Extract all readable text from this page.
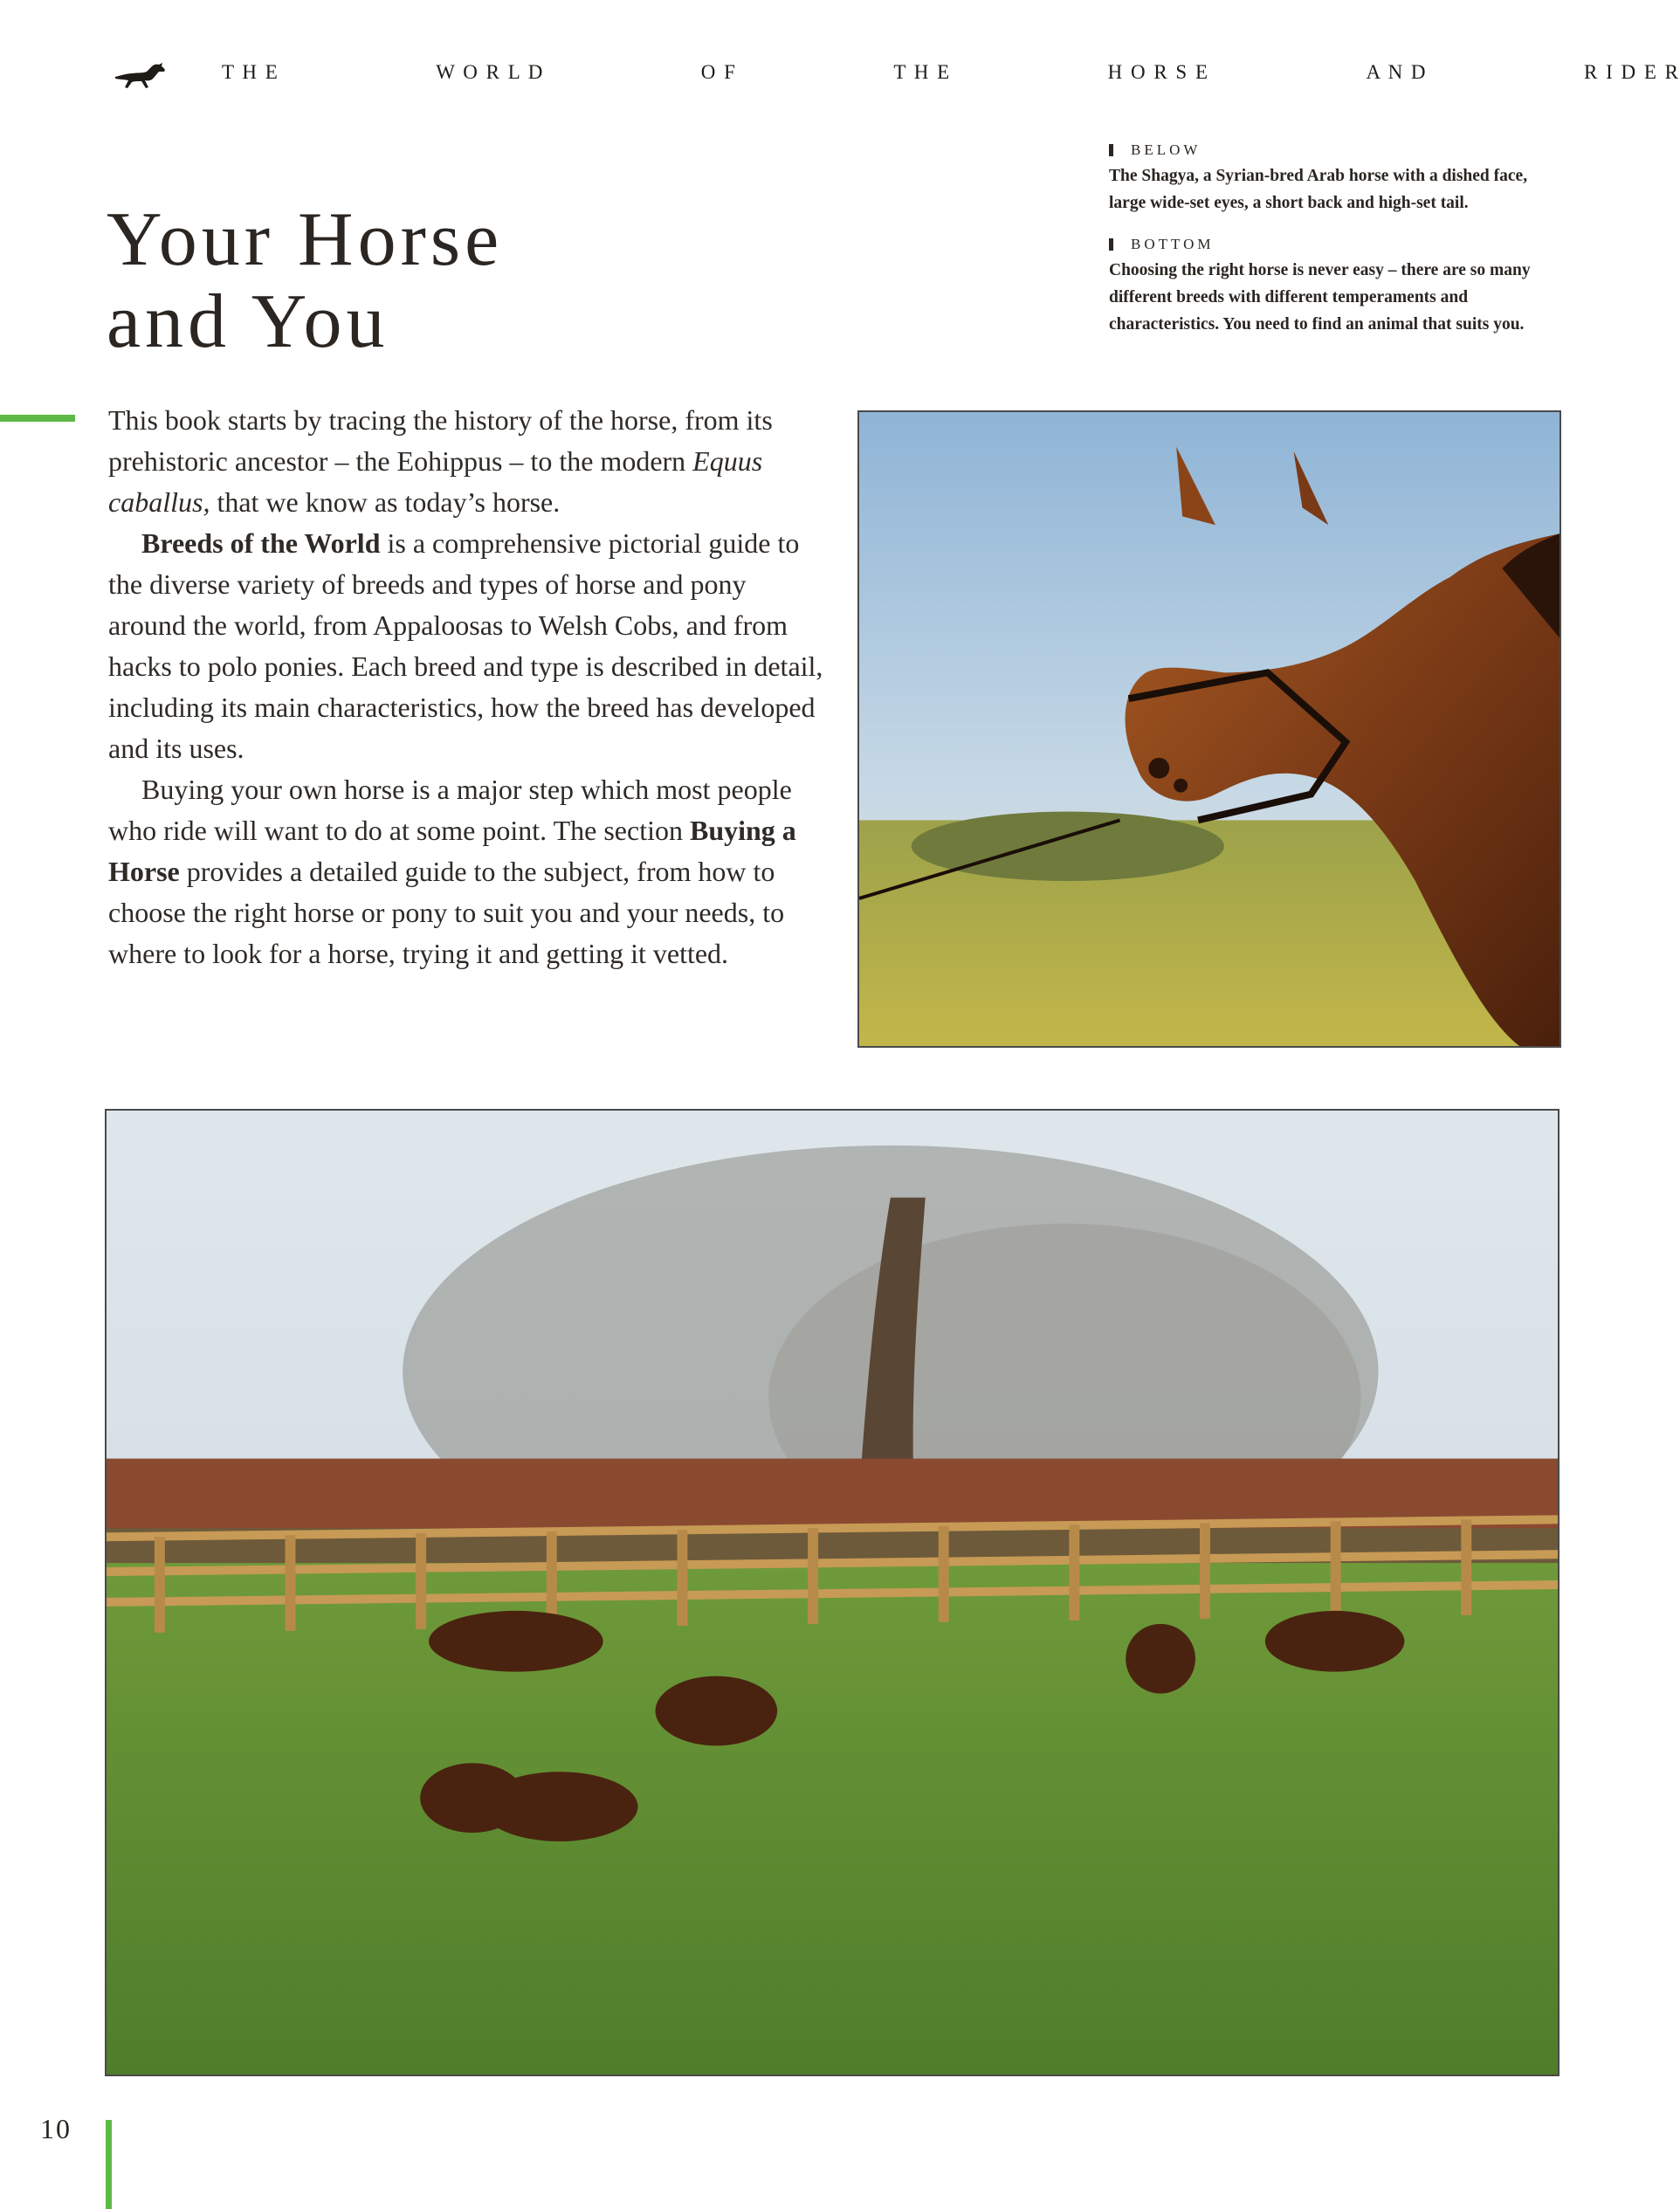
T H E	W O R L D	O F	T H E	H O R S E	A N D	R I D E R
Your Horse
and You

This book starts by tracing the history of the horse, from its prehistoric ancestor – the Eohippus – to the modern Equus caballus, that we know as today’s horse.

Breeds of the World is a comprehensive pictorial guide to the diverse variety of breeds and types of horse and pony around the world, from Appaloosas to Welsh Cobs, and from hacks to polo ponies. Each breed and type is described in detail, including its main characteristics, how the breed has developed and its uses.

Buying your own horse is a major step which most people who ride will want to do at some point. The section Buying a Horse provides a detailed guide to the subject, from how to choose the right horse or pony to suit you and your needs, to where to look for a horse, trying it and getting it vetted.

BELOW
The Shagya, a Syrian-bred Arab horse with a dished face, large wide-set eyes, a short back and high-set tail.
BOTTOM
Choosing the right horse is never easy – there are so many different breeds with different temperaments and characteristics. You need to find an animal that suits you.
10
